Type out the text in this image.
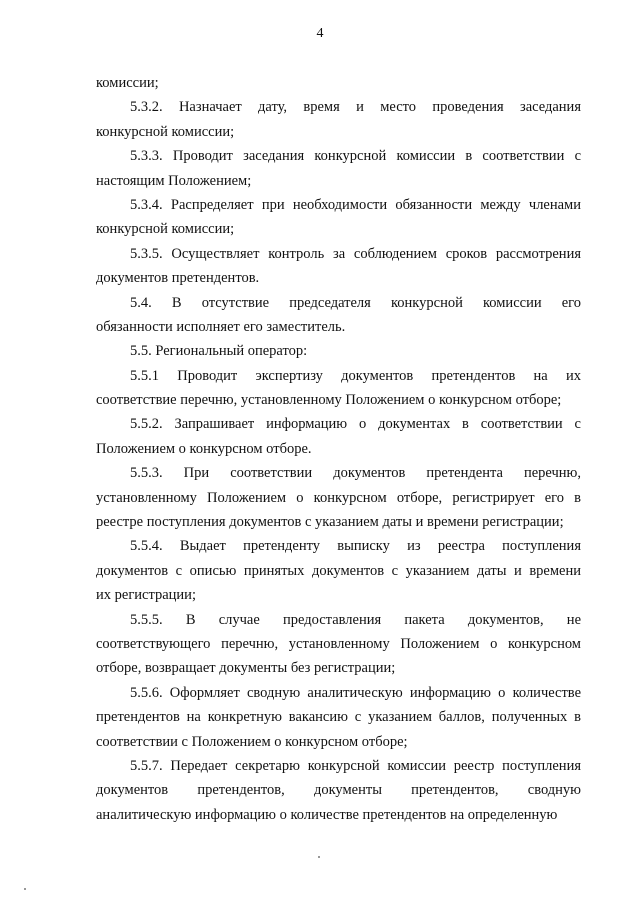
4
комиссии;
5.3.2. Назначает дату, время и место проведения заседания
конкурсной комиссии;
5.3.3. Проводит заседания конкурсной комиссии в соответствии с
настоящим Положением;
5.3.4. Распределяет при необходимости обязанности между членами
конкурсной комиссии;
5.3.5. Осуществляет контроль за соблюдением сроков рассмотрения
документов претендентов.
5.4. В отсутствие председателя конкурсной комиссии его
обязанности исполняет его заместитель.
5.5. Региональный оператор:
5.5.1 Проводит экспертизу документов претендентов на их
соответствие перечню, установленному Положением о конкурсном отборе;
5.5.2. Запрашивает информацию о документах в соответствии с
Положением о конкурсном отборе.
5.5.3. При соответствии документов претендента перечню,
установленному Положением о конкурсном отборе, регистрирует его в
реестре поступления документов с указанием даты и времени регистрации;
5.5.4. Выдает претенденту выписку из реестра поступления
документов с описью принятых документов с указанием даты и времени
их регистрации;
5.5.5. В случае предоставления пакета документов, не
соответствующего перечню, установленному Положением о конкурсном
отборе, возвращает документы без регистрации;
5.5.6. Оформляет сводную аналитическую информацию о количестве
претендентов на конкретную вакансию с указанием баллов, полученных в
соответствии с Положением о конкурсном отборе;
5.5.7. Передает секретарю конкурсной комиссии реестр поступления
документов претендентов, документы претендентов, сводную
аналитическую информацию о количестве претендентов на определенную
